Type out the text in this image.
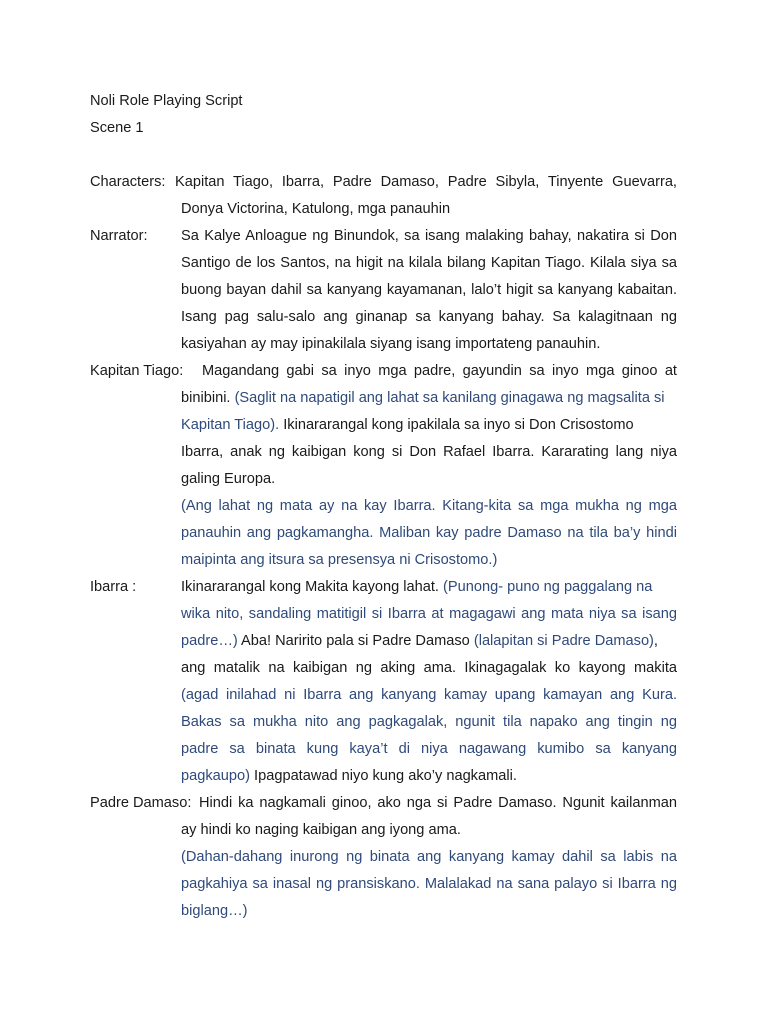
Noli Role Playing Script
Scene 1
Characters: Kapitan Tiago, Ibarra, Padre Damaso, Padre Sibyla, Tinyente Guevarra,
Donya Victorina, Katulong, mga panauhin
Narrator: Sa Kalye Anloague ng Binundok, sa isang malaking bahay, nakatira si Don
Santigo de los Santos, na higit na kilala bilang Kapitan Tiago. Kilala siya sa
buong bayan dahil sa kanyang kayamanan, lalo’t higit sa kanyang kabaitan.
Isang pag salu-salo ang ginanap sa kanyang bahay. Sa kalagitnaan ng
kasiyahan ay may ipinakilala siyang isang importateng panauhin.
Kapitan Tiago: Magandang gabi sa inyo mga padre, gayundin sa inyo mga ginoo at
binibini. (Saglit na napatigil ang lahat sa kanilang ginagawa ng magsalita si
Kapitan Tiago). Ikinararangal kong ipakilala sa inyo si Don Crisostomo
Ibarra, anak ng kaibigan kong si Don Rafael Ibarra. Kararating lang niya
galing Europa.
(Ang lahat ng mata ay na kay Ibarra. Kitang-kita sa mga mukha ng mga
panauhin ang pagkamangha. Maliban kay padre Damaso na tila ba’y hindi
maipinta ang itsura sa presensya ni Crisostomo.)
Ibarra :	Ikinararangal kong Makita kayong lahat. (Punong- puno ng paggalang na
wika nito, sandaling matitigil si Ibarra at magagawi ang mata niya sa isang
padre…) Aba! Naririto pala si Padre Damaso (lalapitan si Padre Damaso),
ang matalik na kaibigan ng aking ama. Ikinagagalak ko kayong makita
(agad inilahad ni Ibarra ang kanyang kamay upang kamayan ang Kura.
Bakas sa mukha nito ang pagkagalak, ngunit tila napako ang tingin ng
padre sa binata kung kaya’t di niya nagawang kumibo sa kanyang
pagkaupo) Ipagpatawad niyo kung ako’y nagkamali.
Padre Damaso: Hindi ka nagkamali ginoo, ako nga si Padre Damaso. Ngunit kailanman
ay hindi ko naging kaibigan ang iyong ama.
(Dahan-dahang inurong ng binata ang kanyang kamay dahil sa labis na
pagkahiya sa inasal ng pransiskano. Malalakad na sana palayo si Ibarra ng
biglang…)
